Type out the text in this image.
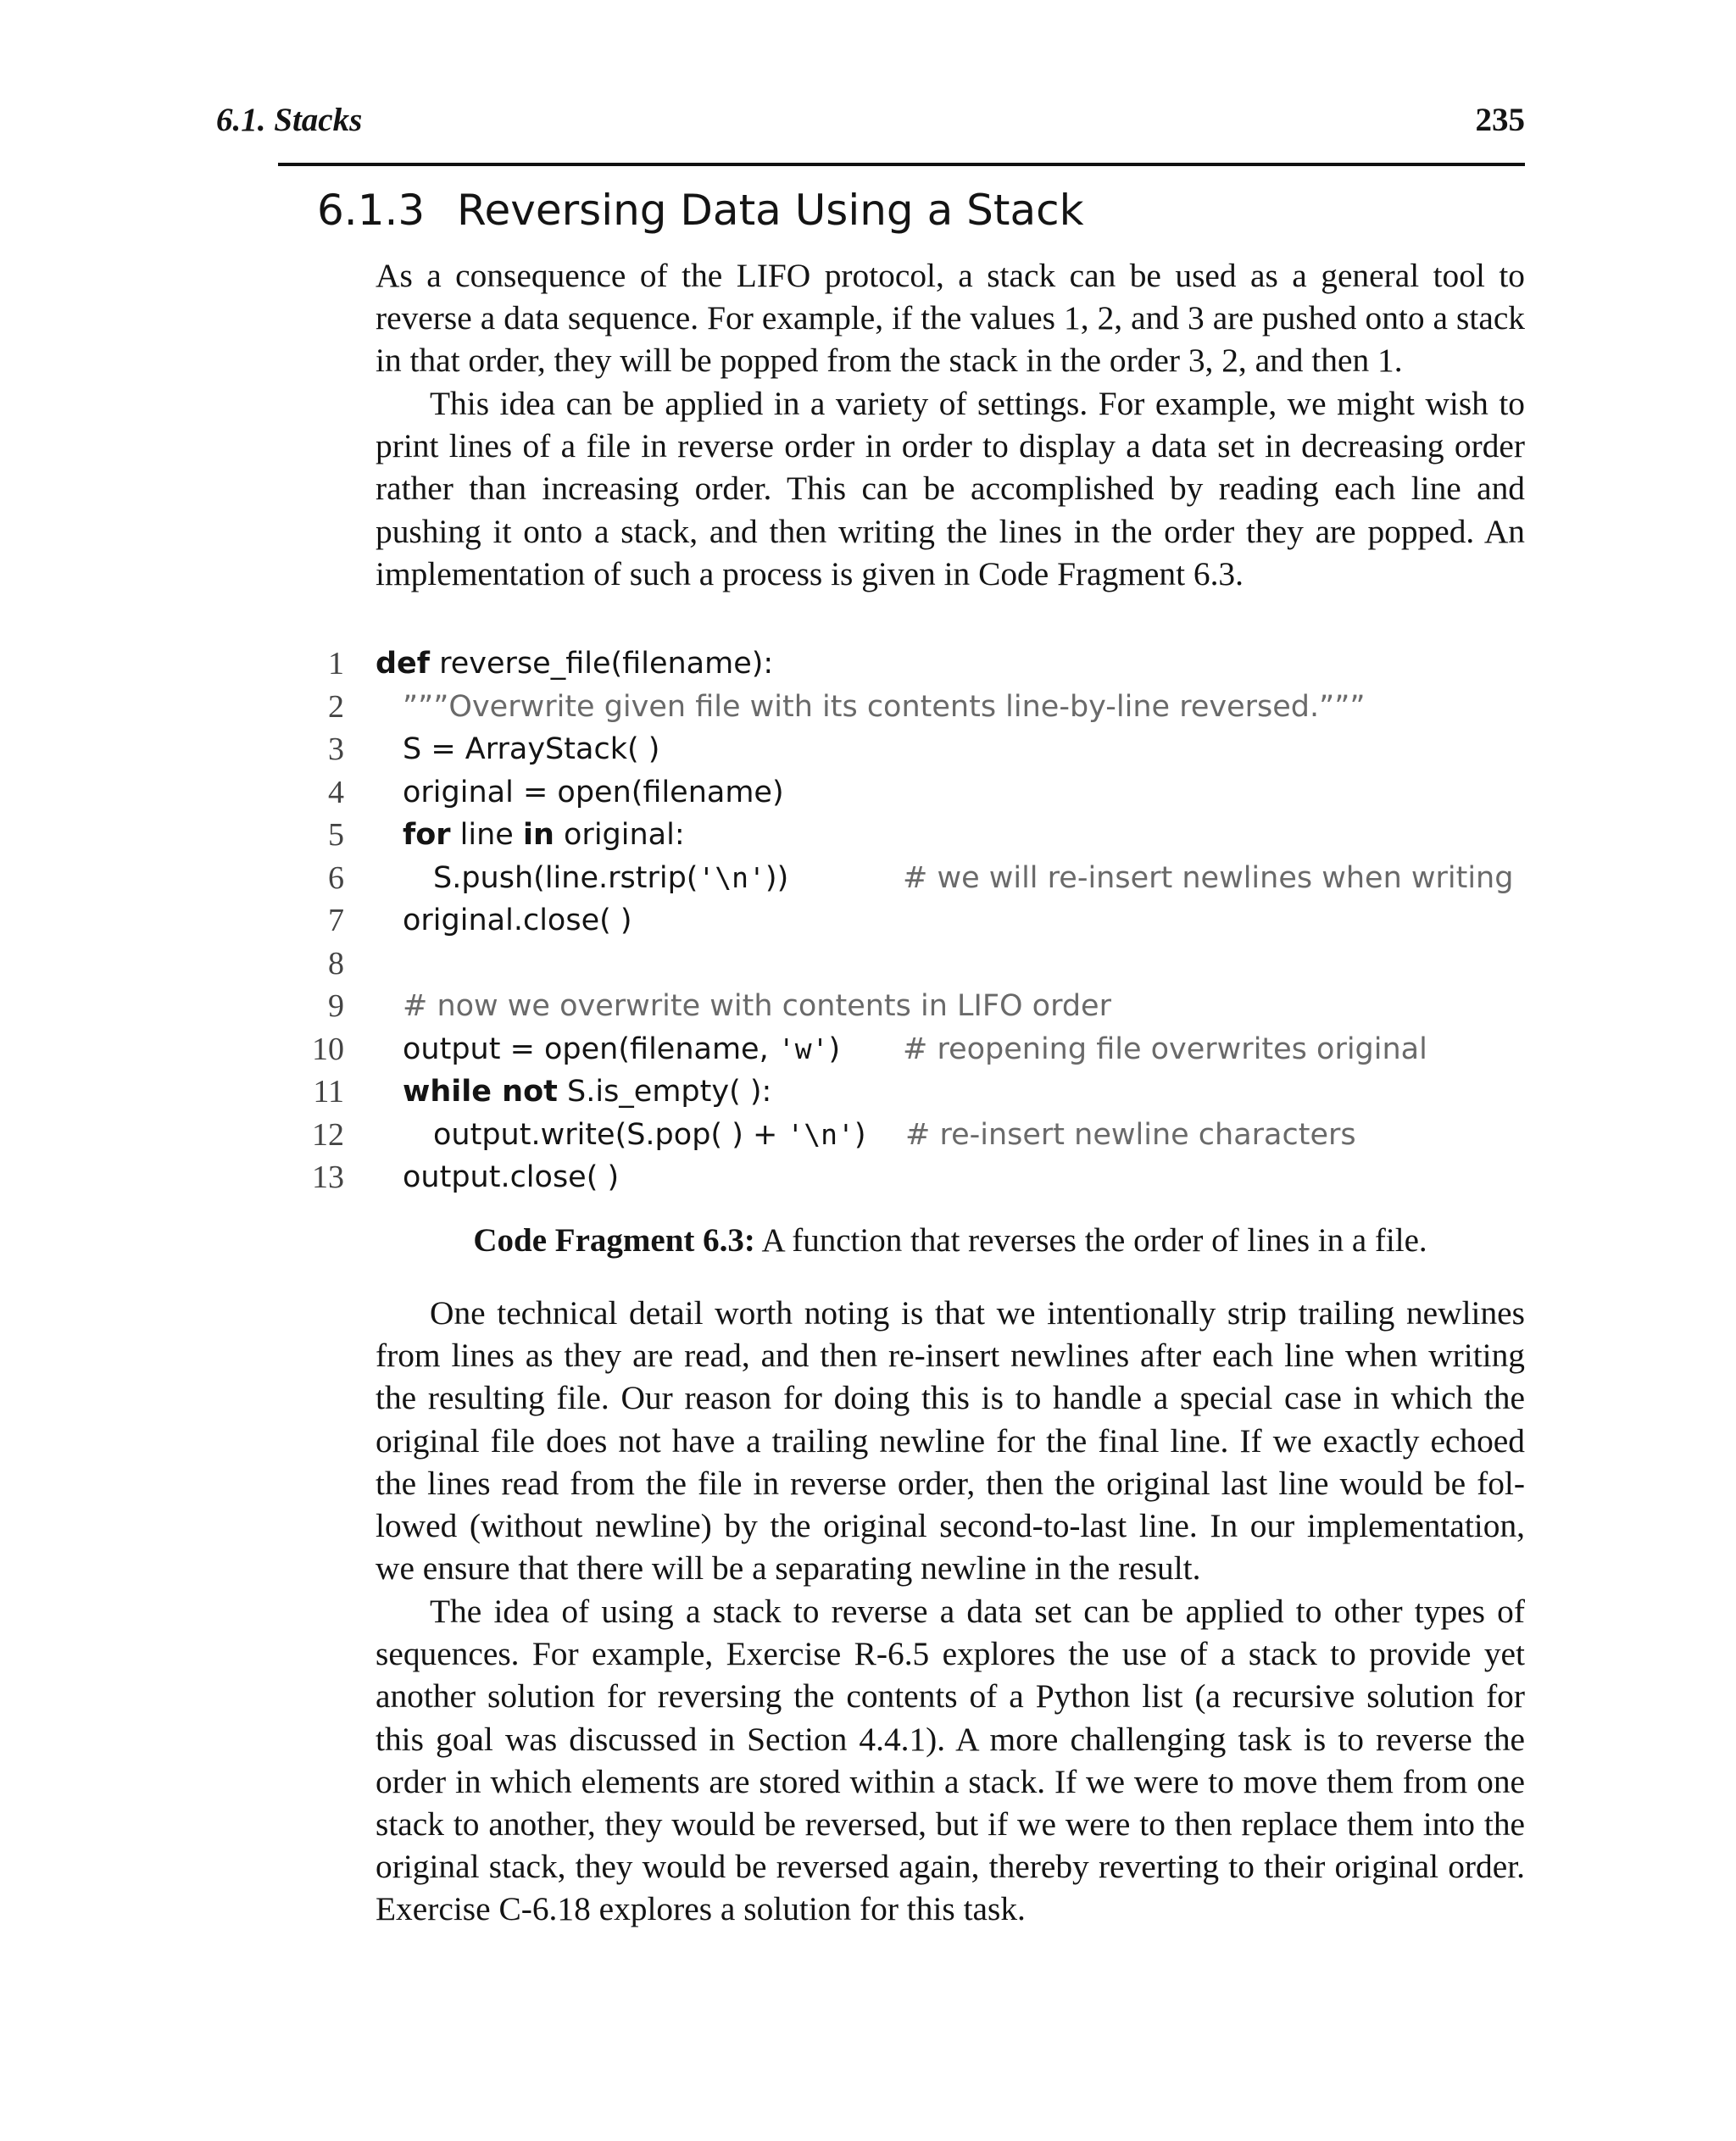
6.1. Stacks	235
6.1.3 Reversing Data Using a Stack

As a consequence of the LIFO protocol, a stack can be used as a general tool to reverse a data sequence. For example, if the values 1, 2, and 3 are pushed onto a stack in that order, they will be popped from the stack in the order 3, 2, and then 1.

This idea can be applied in a variety of settings. For example, we might wish to print lines of a file in reverse order in order to display a data set in decreasing order rather than increasing order. This can be accomplished by reading each line and pushing it onto a stack, and then writing the lines in the order they are popped. An implementation of such a process is given in Code Fragment 6.3.

1 def reverse_file(filename):
2	”””Overwrite given file with its contents line-by-line reversed.”””
3	S = ArrayStack( )
4	original = open(filename)
5	for line in original:
6	S.push(line.rstrip('\n'))	# we will re-insert newlines when writing
7	original.close( )
8
9	# now we overwrite with contents in LIFO order
10	output = open(filename, 'w') # reopening file overwrites original
11	while not S.is_empty( ):
12	output.write(S.pop( ) + '\n') # re-insert newline characters
13	output.close( )
Code Fragment 6.3: A function that reverses the order of lines in a file.

One technical detail worth noting is that we intentionally strip trailing newlines from lines as they are read, and then re-insert newlines after each line when writing the resulting file. Our reason for doing this is to handle a special case in which the original file does not have a trailing newline for the final line. If we exactly echoed the lines read from the file in reverse order, then the original last line would be followed (without newline) by the original second-to-last line. In our implementation, we ensure that there will be a separating newline in the result.

The idea of using a stack to reverse a data set can be applied to other types of sequences. For example, Exercise R-6.5 explores the use of a stack to provide yet another solution for reversing the contents of a Python list (a recursive solution for this goal was discussed in Section 4.4.1). A more challenging task is to reverse the order in which elements are stored within a stack. If we were to move them from one stack to another, they would be reversed, but if we were to then replace them into the original stack, they would be reversed again, thereby reverting to their original order. Exercise C-6.18 explores a solution for this task.
